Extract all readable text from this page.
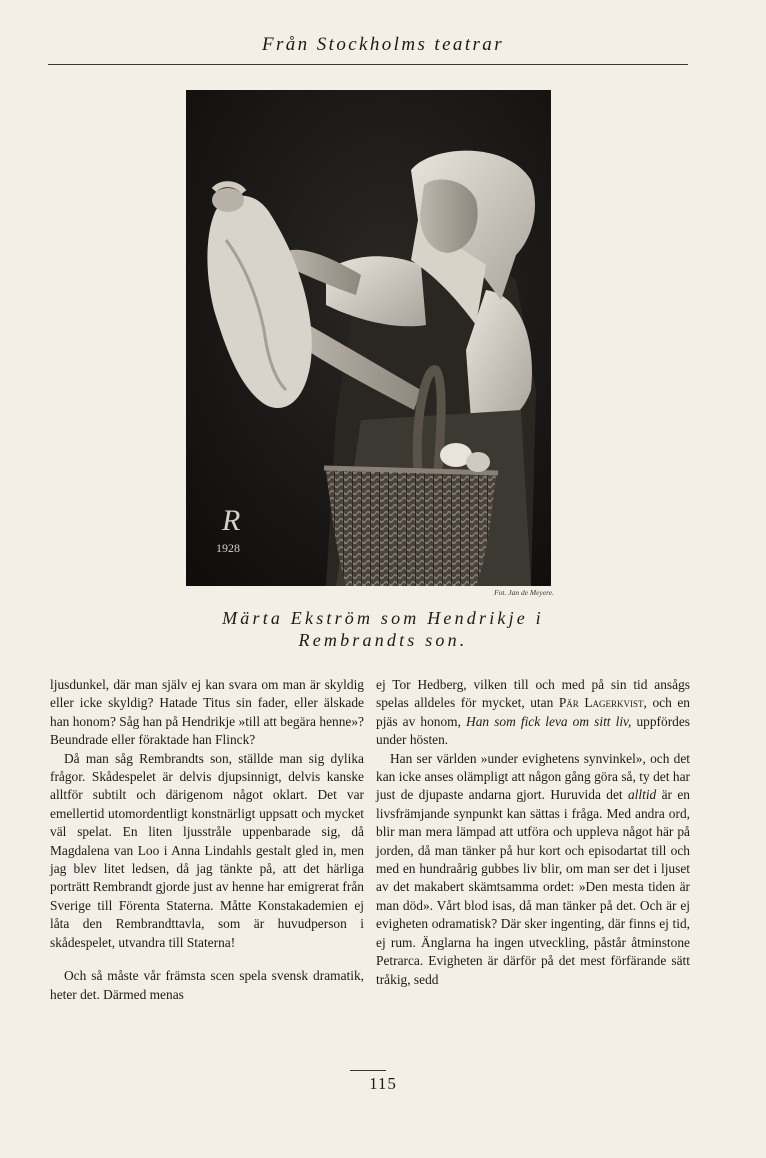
Från Stockholms teatrar
R
1928
Fot. Jan de Meyere.
Märta Ekström som Hendrikje i
Rembrandts son.

ljusdunkel, där man själv ej kan svara om man är skyldig eller icke skyldig? Hatade Titus sin fader, eller älskade han honom? Såg han på Hendrikje »till att begära henne»? Beundrade eller föraktade han Flinck?

Då man såg Rembrandts son, ställde man sig dylika frågor. Skådespelet är delvis djupsinnigt, delvis kanske alltför subtilt och därigenom något oklart. Det var emellertid utomordentligt konstnärligt uppsatt och mycket väl spelat. En liten ljusstråle uppenbarade sig, då Magdalena van Loo i Anna Lindahls gestalt gled in, men jag blev litet ledsen, då jag tänkte på, att det härliga porträtt Rembrandt gjorde just av henne har emigrerat från Sverige till Förenta Staterna. Måtte Konstakademien ej låta den Rembrandttavla, som är huvudperson i skådespelet, utvandra till Staterna!

Och så måste vår främsta scen spela svensk dramatik, heter det. Därmed menas

ej Tor Hedberg, vilken till och med på sin tid ansågs spelas alldeles för mycket, utan Pär Lagerkvist, och en pjäs av honom, Han som fick leva om sitt liv, uppfördes under hösten.

Han ser världen »under evighetens synvinkel», och det kan icke anses olämpligt att någon gång göra så, ty det har just de djupaste andarna gjort. Huruvida det alltid är en livsfrämjande synpunkt kan sättas i fråga. Med andra ord, blir man mera lämpad att utföra och uppleva något här på jorden, då man tänker på hur kort och episodartat till och med en hundraårig gubbes liv blir, om man ser det i ljuset av det makabert skämtsamma ordet: »Den mesta tiden är man död». Vårt blod isas, då man tänker på det. Och är ej evigheten odramatisk? Där sker ingenting, där finns ej tid, ej rum. Änglarna ha ingen utveckling, påstår åtminstone Petrarca. Evigheten är därför på det mest förfärande sätt tråkig, sedd

115
